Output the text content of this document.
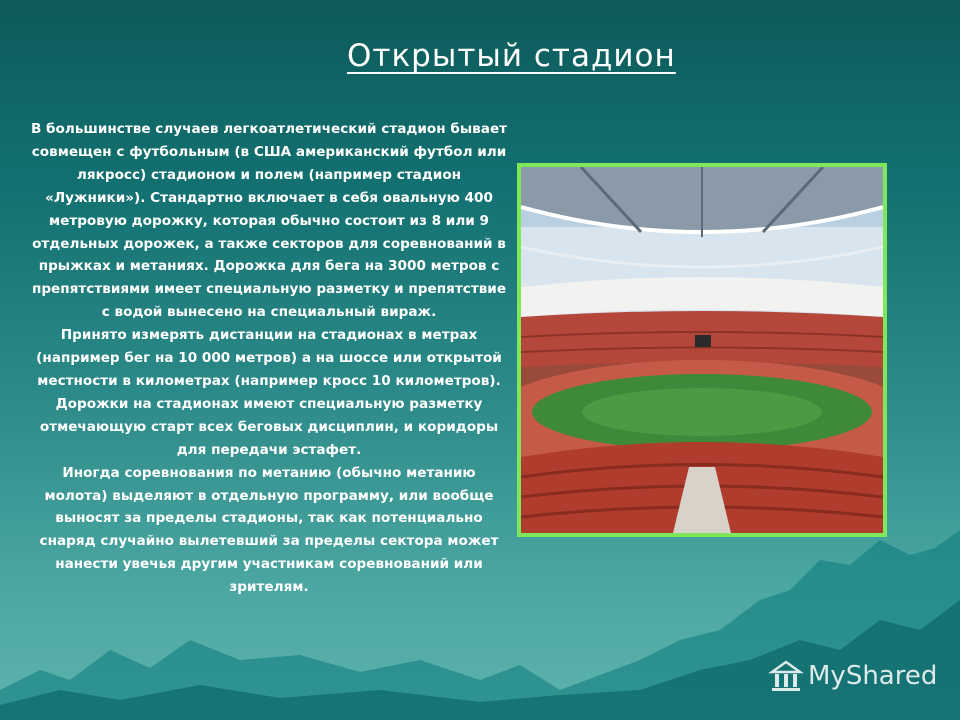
Открытый стадион

В большинстве случаев легкоатлетический стадион бывает совмещен с футбольным (в США американский футбол или лякросс) стадионом и полем (например стадион «Лужники»). Стандартно включает в себя овальную 400 метровую дорожку, которая обычно состоит из 8 или 9 отдельных дорожек, а также секторов для соревнований в прыжках и метаниях. Дорожка для бега на 3000 метров с препятствиями имеет специальную разметку и препятствие с водой вынесено на специальный вираж.

Принято измерять дистанции на стадионах в метрах (например бег на 10 000 метров) а на шоссе или открытой местности в километрах (например кросс 10 километров). Дорожки на стадионах имеют специальную разметку отмечающую старт всех беговых дисциплин, и коридоры для передачи эстафет.

Иногда соревнования по метанию (обычно метанию молота) выделяют в отдельную программу, или вообще выносят за пределы стадионы, так как потенциально снаряд случайно вылетевший за пределы сектора может нанести увечья другим участникам соревнований или зрителям.

MyShared
